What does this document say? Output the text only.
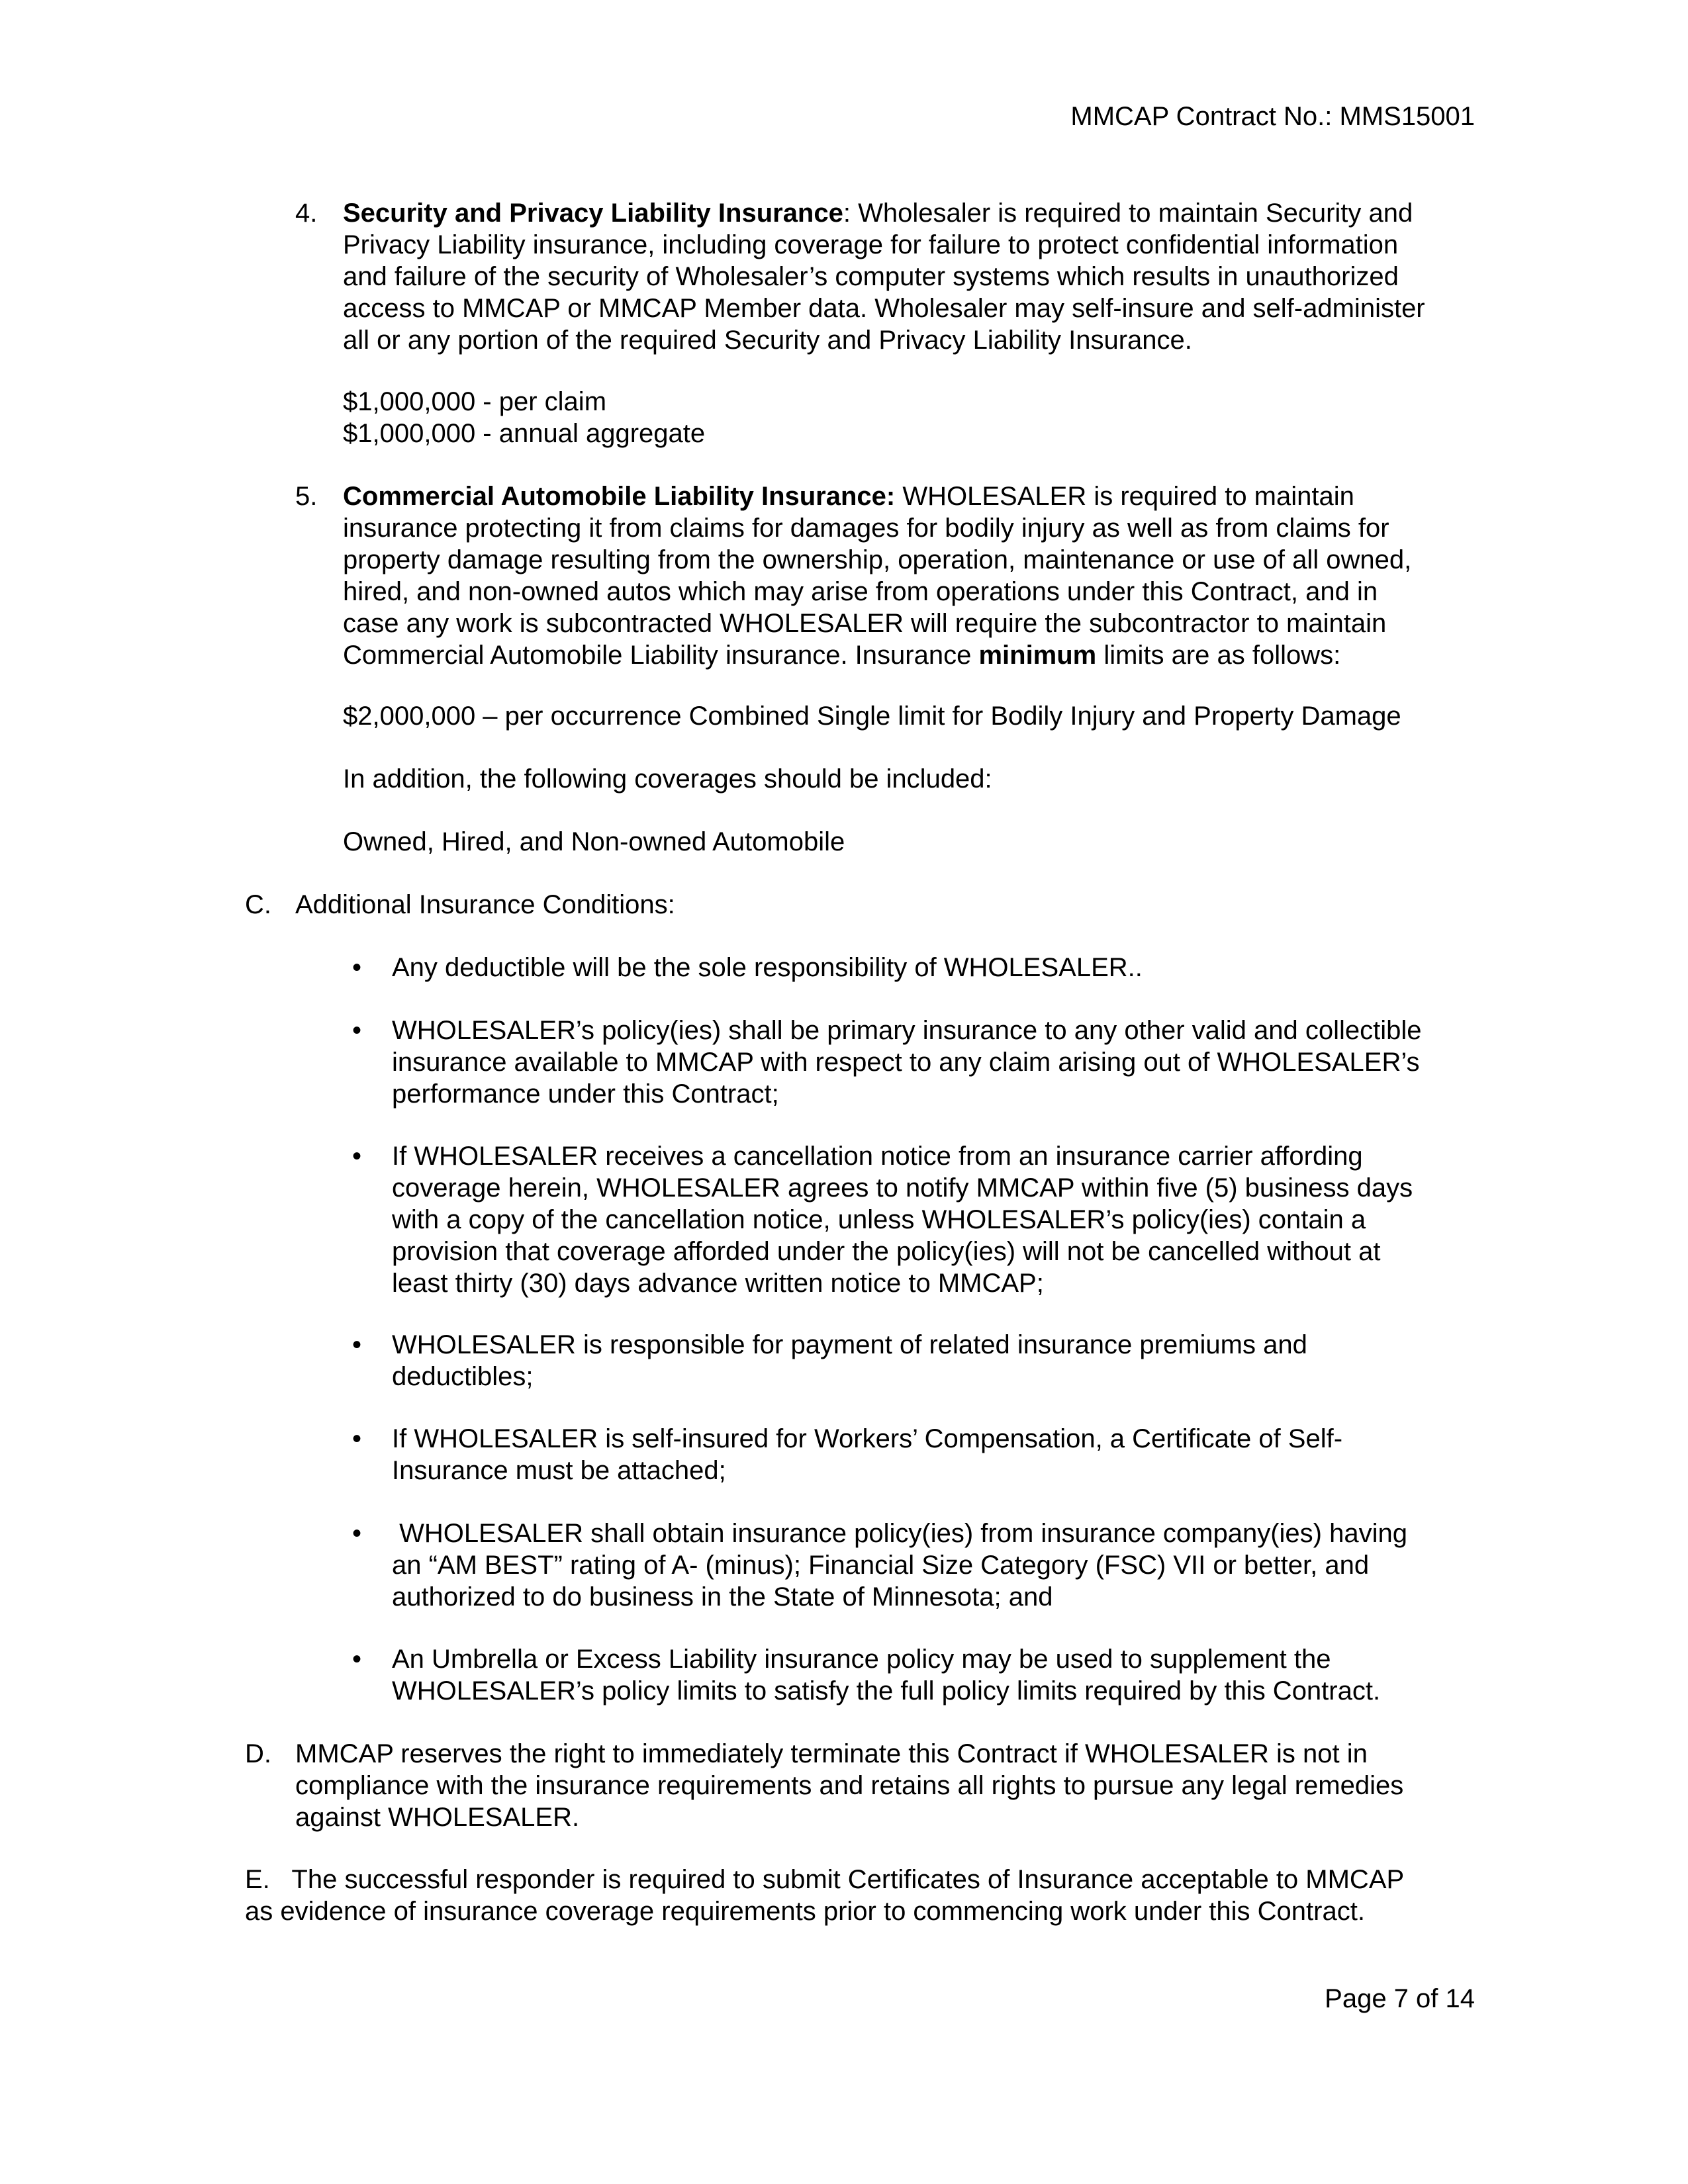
MMCAP Contract No.: MMS15001
4. Security and Privacy Liability Insurance: Wholesaler is required to maintain Security and
Privacy Liability insurance, including coverage for failure to protect confidential information
and failure of the security of Wholesaler’s computer systems which results in unauthorized
access to MMCAP or MMCAP Member data. Wholesaler may self-insure and self-administer
all or any portion of the required Security and Privacy Liability Insurance.
$1,000,000 - per claim
$1,000,000 - annual aggregate
5. Commercial Automobile Liability Insurance: WHOLESALER is required to maintain
insurance protecting it from claims for damages for bodily injury as well as from claims for
property damage resulting from the ownership, operation, maintenance or use of all owned,
hired, and non-owned autos which may arise from operations under this Contract, and in
case any work is subcontracted WHOLESALER will require the subcontractor to maintain
Commercial Automobile Liability insurance. Insurance minimum limits are as follows:
$2,000,000 – per occurrence Combined Single limit for Bodily Injury and Property Damage
In addition, the following coverages should be included:
Owned, Hired, and Non-owned Automobile
C. Additional Insurance Conditions:
• Any deductible will be the sole responsibility of WHOLESALER..
• WHOLESALER’s policy(ies) shall be primary insurance to any other valid and collectible
insurance available to MMCAP with respect to any claim arising out of WHOLESALER’s
performance under this Contract;
• If WHOLESALER receives a cancellation notice from an insurance carrier affording
coverage herein, WHOLESALER agrees to notify MMCAP within five (5) business days
with a copy of the cancellation notice, unless WHOLESALER’s policy(ies) contain a
provision that coverage afforded under the policy(ies) will not be cancelled without at
least thirty (30) days advance written notice to MMCAP;
• WHOLESALER is responsible for payment of related insurance premiums and
deductibles;
• If WHOLESALER is self-insured for Workers’ Compensation, a Certificate of Self-
Insurance must be attached;
• WHOLESALER shall obtain insurance policy(ies) from insurance company(ies) having
an “AM BEST” rating of A- (minus); Financial Size Category (FSC) VII or better, and
authorized to do business in the State of Minnesota; and
• An Umbrella or Excess Liability insurance policy may be used to supplement the
WHOLESALER’s policy limits to satisfy the full policy limits required by this Contract.
D. MMCAP reserves the right to immediately terminate this Contract if WHOLESALER is not in
compliance with the insurance requirements and retains all rights to pursue any legal remedies
against WHOLESALER.
E.   The successful responder is required to submit Certificates of Insurance acceptable to MMCAP
as evidence of insurance coverage requirements prior to commencing work under this Contract.
Page 7 of 14
